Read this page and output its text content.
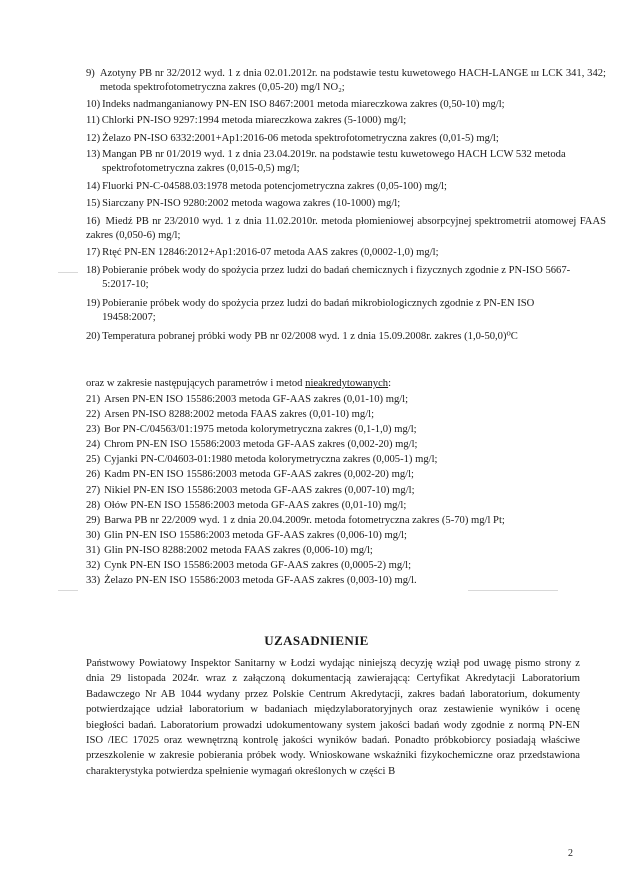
9) Azotyny PB nr 32/2012 wyd. 1 z dnia 02.01.2012r. na podstawie testu kuwetowego HACH-LANGE ш LCK 341, 342; metoda spektrofotometryczna zakres (0,05-20) mg/l NO₂;
10) Indeks nadmanganianowy PN-EN ISO 8467:2001 metoda miareczkowa zakres (0,50-10) mg/l;
11) Chlorki PN-ISO 9297:1994 metoda miareczkowa zakres (5-1000) mg/l;
12) Żelazo PN-ISO 6332:2001+Ap1:2016-06 metoda spektrofotometryczna zakres (0,01-5) mg/l;
13) Mangan PB nr 01/2019 wyd. 1 z dnia 23.04.2019r. na podstawie testu kuwetowego HACH LCW 532 metoda spektrofotometryczna zakres (0,015-0,5) mg/l;
14) Fluorki PN-C-04588.03:1978 metoda potencjometryczna zakres (0,05-100) mg/l;
15) Siarczany PN-ISO 9280:2002 metoda wagowa zakres (10-1000) mg/l;
16) Miedź PB nr 23/2010 wyd. 1 z dnia 11.02.2010r. metoda płomieniowej absorpcyjnej spektrometrii atomowej FAAS zakres (0,050-6) mg/l;
17) Rtęć PN-EN 12846:2012+Ap1:2016-07 metoda AAS zakres (0,0002-1,0) mg/l;
18) Pobieranie próbek wody do spożycia przez ludzi do badań chemicznych i fizycznych zgodnie z PN-ISO 5667-5:2017-10;
19) Pobieranie próbek wody do spożycia przez ludzi do badań mikrobiologicznych zgodnie z PN-EN ISO 19458:2007;
20) Temperatura pobranej próbki wody PB nr 02/2008 wyd. 1 z dnia 15.09.2008r. zakres (1,0-50,0)⁰C
oraz w zakresie następujących parametrów i metod nieakredytowanych:
21) Arsen PN-EN ISO 15586:2003 metoda GF-AAS zakres (0,01-10) mg/l;
22) Arsen PN-ISO 8288:2002 metoda FAAS zakres (0,01-10) mg/l;
23) Bor PN-C/04563/01:1975 metoda kolorymetryczna zakres (0,1-1,0) mg/l;
24) Chrom PN-EN ISO 15586:2003 metoda GF-AAS zakres (0,002-20) mg/l;
25) Cyjanki PN-C/04603-01:1980 metoda kolorymetryczna zakres (0,005-1) mg/l;
26) Kadm PN-EN ISO 15586:2003 metoda GF-AAS zakres (0,002-20) mg/l;
27) Nikiel PN-EN ISO 15586:2003 metoda GF-AAS zakres (0,007-10) mg/l;
28) Ołów PN-EN ISO 15586:2003 metoda GF-AAS zakres (0,01-10) mg/l;
29) Barwa PB nr 22/2009 wyd. 1 z dnia 20.04.2009r. metoda fotometryczna zakres (5-70) mg/l Pt;
30) Glin PN-EN ISO 15586:2003 metoda GF-AAS zakres (0,006-10) mg/l;
31) Glin PN-ISO 8288:2002 metoda FAAS zakres (0,006-10) mg/l;
32) Cynk PN-EN ISO 15586:2003 metoda GF-AAS zakres (0,0005-2) mg/l;
33) Żelazo PN-EN ISO 15586:2003 metoda GF-AAS zakres (0,003-10) mg/l.
UZASADNIENIE
Państwowy Powiatowy Inspektor Sanitarny w Łodzi wydając niniejszą decyzję wziął pod uwagę pismo strony z dnia 29 listopada 2024r. wraz z załączoną dokumentacją zawierającą: Certyfikat Akredytacji Laboratorium Badawczego Nr AB 1044 wydany przez Polskie Centrum Akredytacji, zakres badań laboratorium, dokumenty potwierdzające udział laboratorium w badaniach międzylaboratoryjnych oraz zestawienie wyników i ocenę biegłości badań. Laboratorium prowadzi udokumentowany system jakości badań wody zgodnie z normą PN-EN ISO /IEC 17025 oraz wewnętrzną kontrolę jakości wyników badań. Ponadto próbkobiorcy posiadają właściwe przeszkolenie w zakresie pobierania próbek wody. Wnioskowane wskaźniki fizykochemiczne oraz przedstawiona charakterystyka potwierdza spełnienie wymagań określonych w części B
2
